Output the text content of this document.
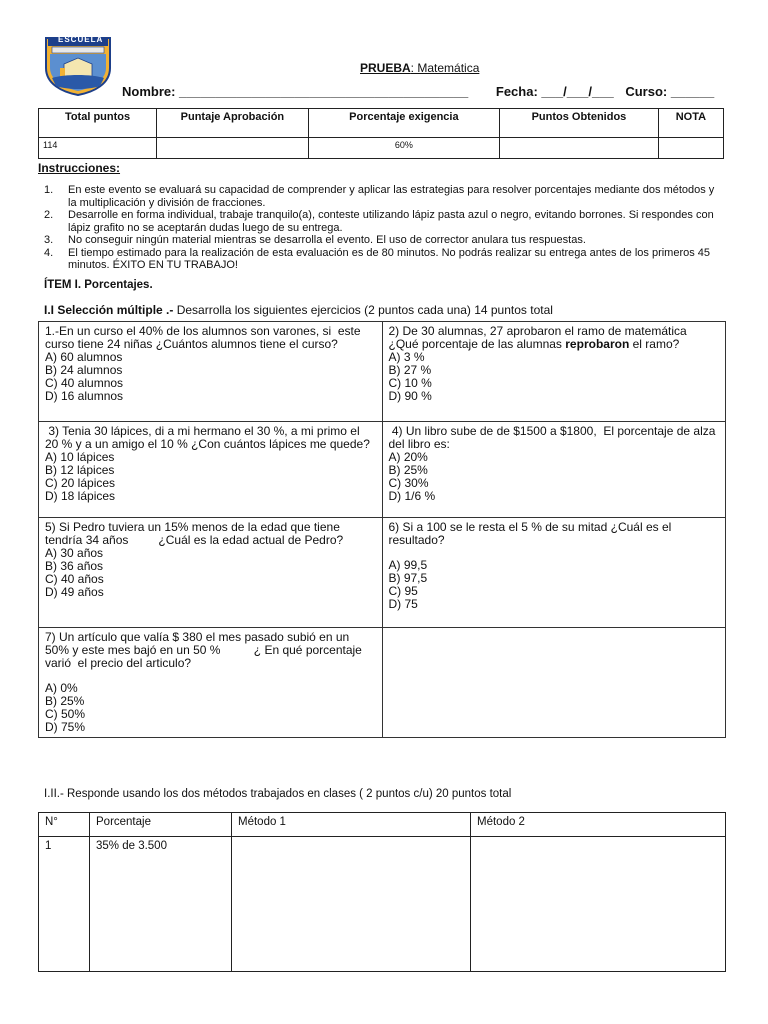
ESCUELA
PRUEBA: Matemática
Nombre: ________________________________________ Fecha: ___/___/___ Curso: ______
Total puntos	Puntaje Aprobación	Porcentaje exigencia	Puntos Obtenidos	NOTA
114		60%		
Instrucciones:
1.	En este evento se evaluará su capacidad de comprender y aplicar las estrategias para resolver porcentajes mediante dos métodos y la multiplicación y división de fracciones.
2.	Desarrolle en forma individual, trabaje tranquilo(a), conteste utilizando lápiz pasta azul o negro, evitando borrones. Si respondes con lápiz grafito no se aceptarán dudas luego de su entrega.
3.	No conseguir ningún material mientras se desarrolla el evento. El uso de corrector anulara tus respuestas.
4.	El tiempo estimado para la realización de esta evaluación es de 80 minutos. No podrás realizar su entrega antes de los primeros 45 minutos. ÉXITO EN TU TRABAJO!
ÍTEM I. Porcentajes.
I.I Selección múltiple .- Desarrolla los siguientes ejercicios (2 puntos cada una) 14 puntos total
1.-En un curso el 40% de los alumnos son varones, si  este curso tiene 24 niñas ¿Cuántos alumnos tiene el curso?
A) 60 alumnos
B) 24 alumnos
C) 40 alumnos
D) 16 alumnos	2) De 30 alumnas, 27 aprobaron el ramo de matemática ¿Qué porcentaje de las alumnas reprobaron el ramo?
A) 3 %
B) 27 %
C) 10 %
D) 90 %

3) Tenia 30 lápices, di a mi hermano el 30 %, a mi primo el 20 % y a un amigo el 10 % ¿Con cuántos lápices me quede?
A) 10 lápices
B) 12 lápices
C) 20 lápices
D) 18 lápices	4) Un libro sube de de $1500 a $1800,  El porcentaje de alza del libro es:
A) 20%
B) 25%
C) 30%
D) 1/6 %

5) Si Pedro tuviera un 15% menos de la edad que tiene tendría 34 años         ¿Cuál es la edad actual de Pedro?
A) 30 años
B) 36 años
C) 40 años
D) 49 años	6) Si a 100 se le resta el 5 % de su mitad ¿Cuál es el resultado?
A) 99,5
B) 97,5
C) 95
D) 75

7) Un artículo que valía $ 380 el mes pasado subió en un 50% y este mes bajó en un 50 %          ¿ En qué porcentaje  varió  el precio del articulo?
A) 0%
B) 25%
C) 50%
D) 75%	

I.II.- Responde usando los dos métodos trabajados en clases ( 2 puntos c/u) 20 puntos total
N°	Porcentaje	Método 1	Método 2
1	35% de 3.500		
